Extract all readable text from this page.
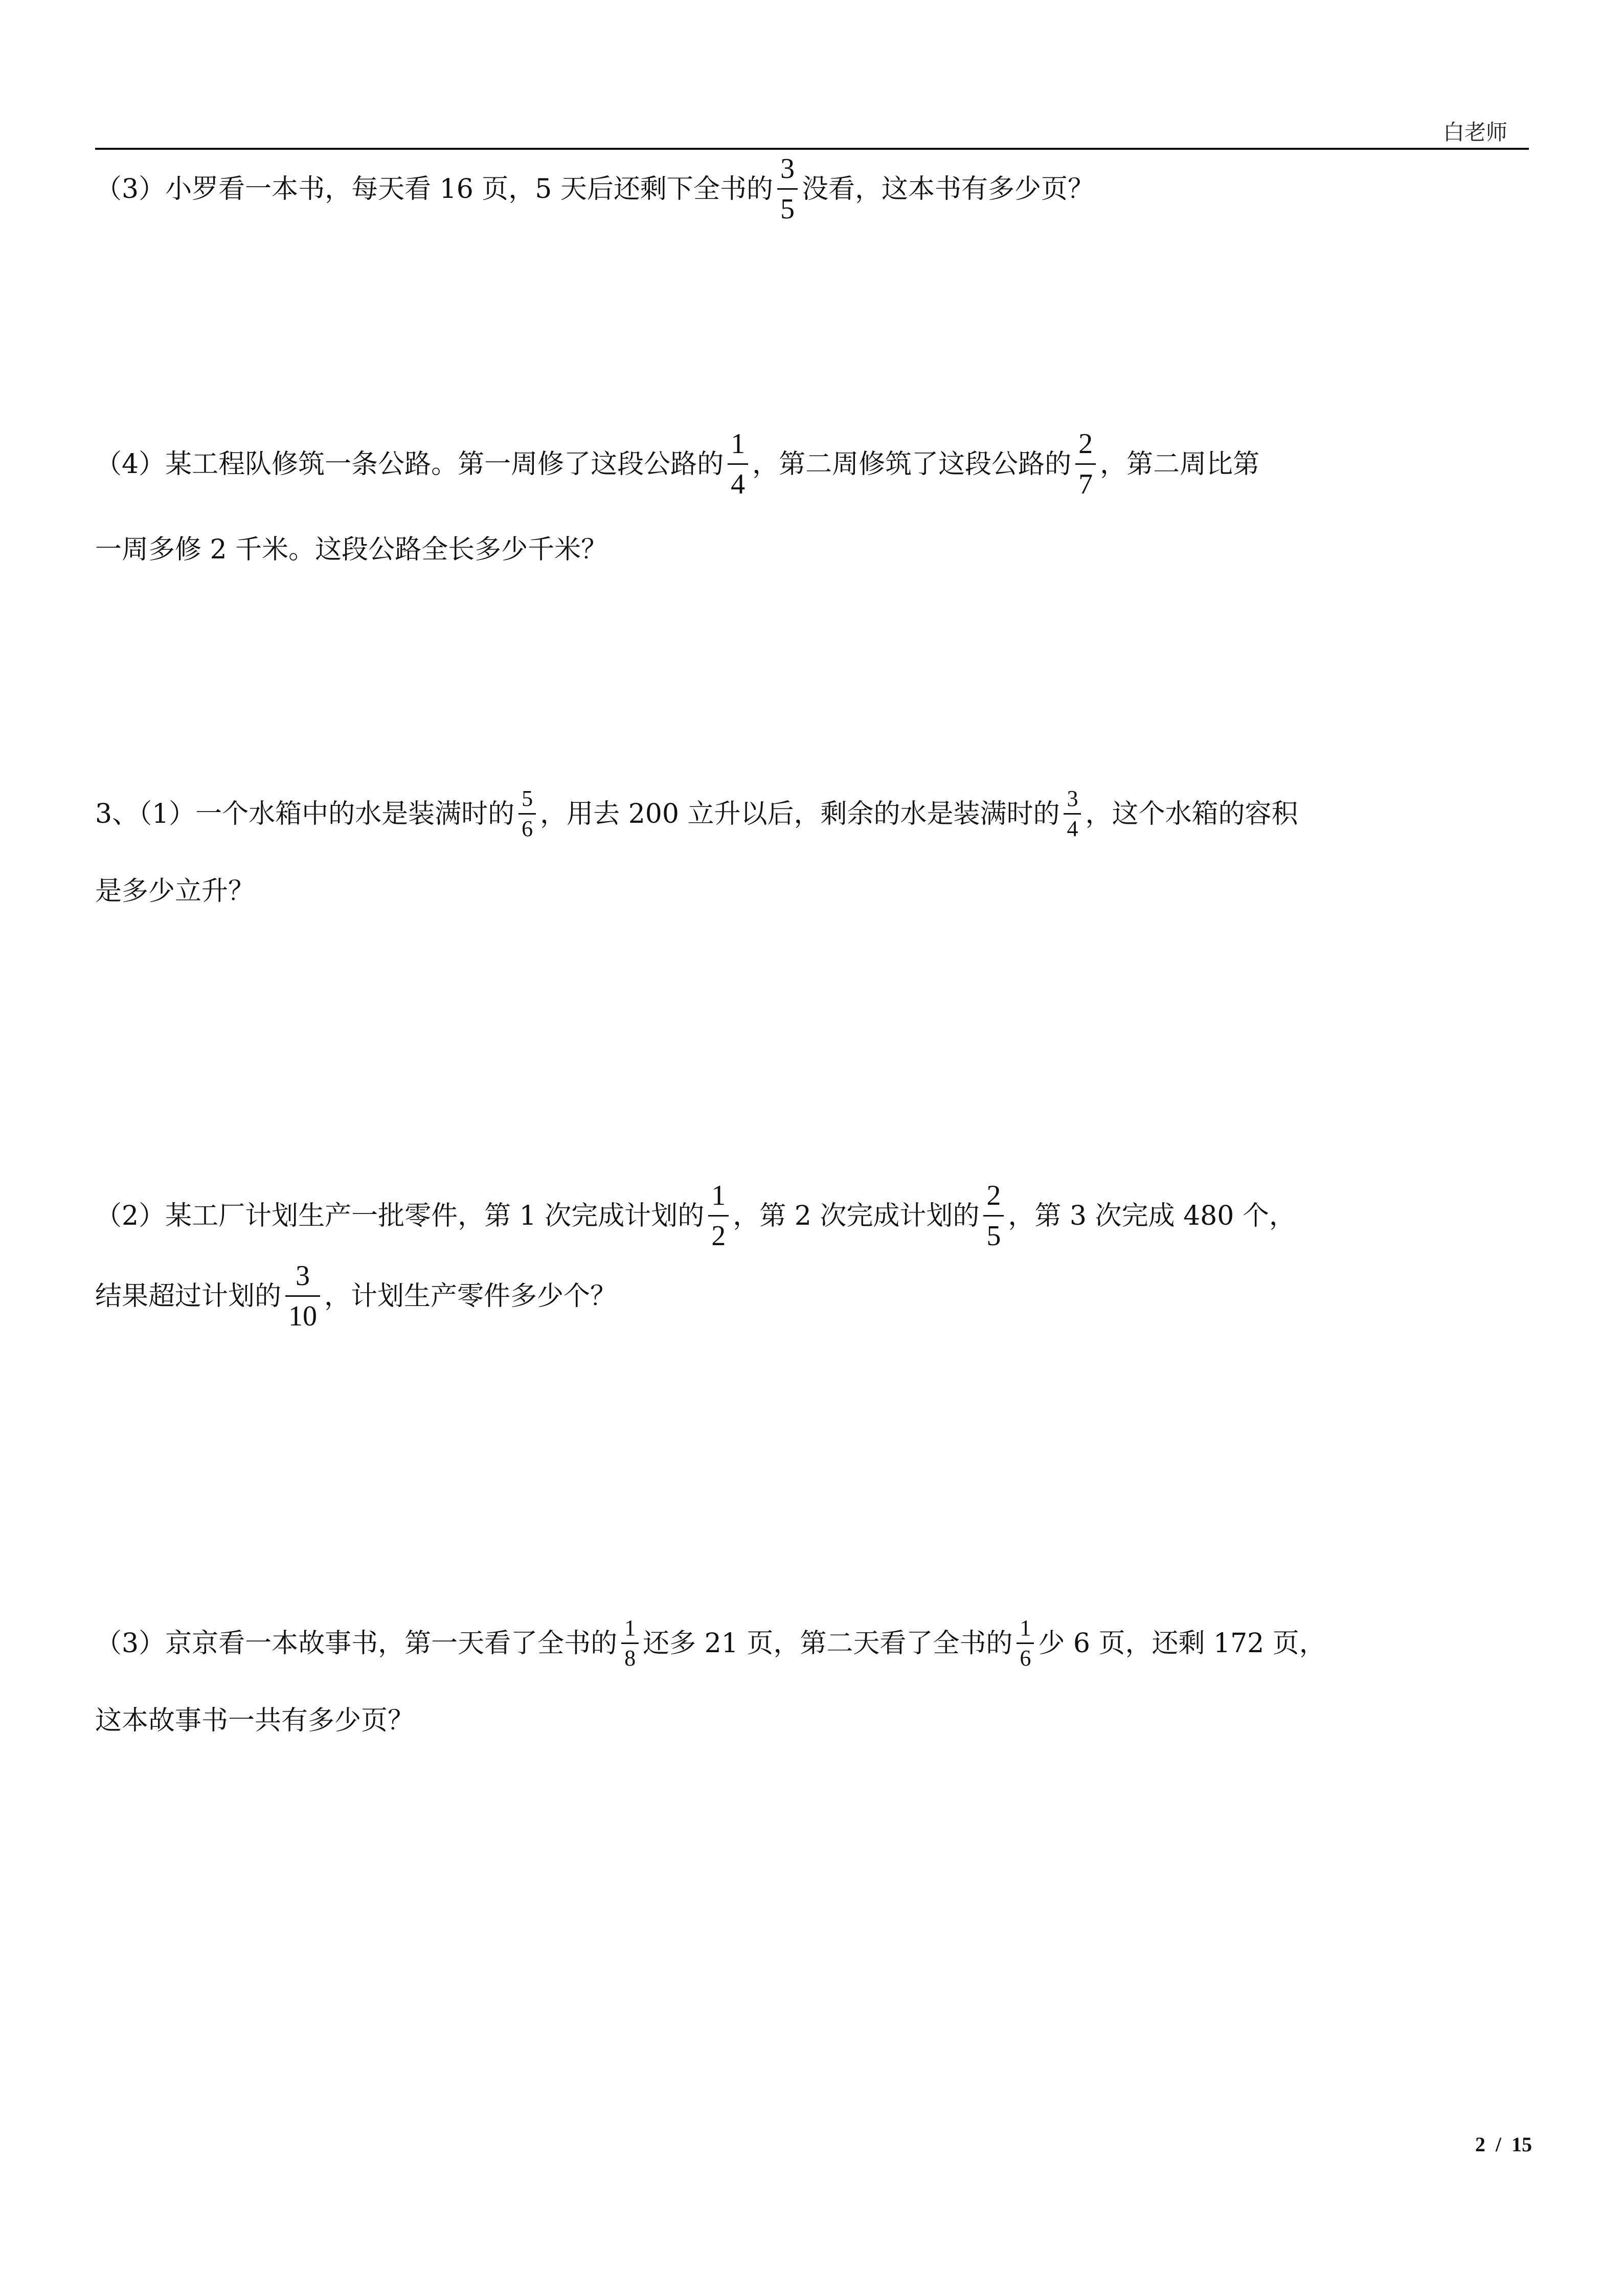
白老师
（3）小罗看一本书，每天看 16 页，5 天后还剩下全书的 $\frac{3}{5}$ 没看，这本书有多少页？
（4）某工程队修筑一条公路。第一周修了这段公路的 $\frac{1}{4}$ ，第二周修筑了这段公路的 $\frac{2}{7}$ ，第二周比第
一周多修 2 千米。这段公路全长多少千米？
3、（1）一个水箱中的水是装满时的 $\frac{5}{6}$ ，用去 200 立升以后，剩余的水是装满时的 $\frac{3}{4}$ ，这个水箱的容积
是多少立升？
（2）某工厂计划生产一批零件，第 1 次完成计划的 $\frac{1}{2}$ ，第 2 次完成计划的 $\frac{2}{5}$ ，第 3 次完成 480 个，
结果超过计划的 $\frac{3}{10}$ ，计划生产零件多少个？
（3）京京看一本故事书，第一天看了全书的 $\frac{1}{8}$ 还多 21 页，第二天看了全书的 $\frac{1}{6}$ 少 6 页，还剩 172 页，
这本故事书一共有多少页？
2 / 15
